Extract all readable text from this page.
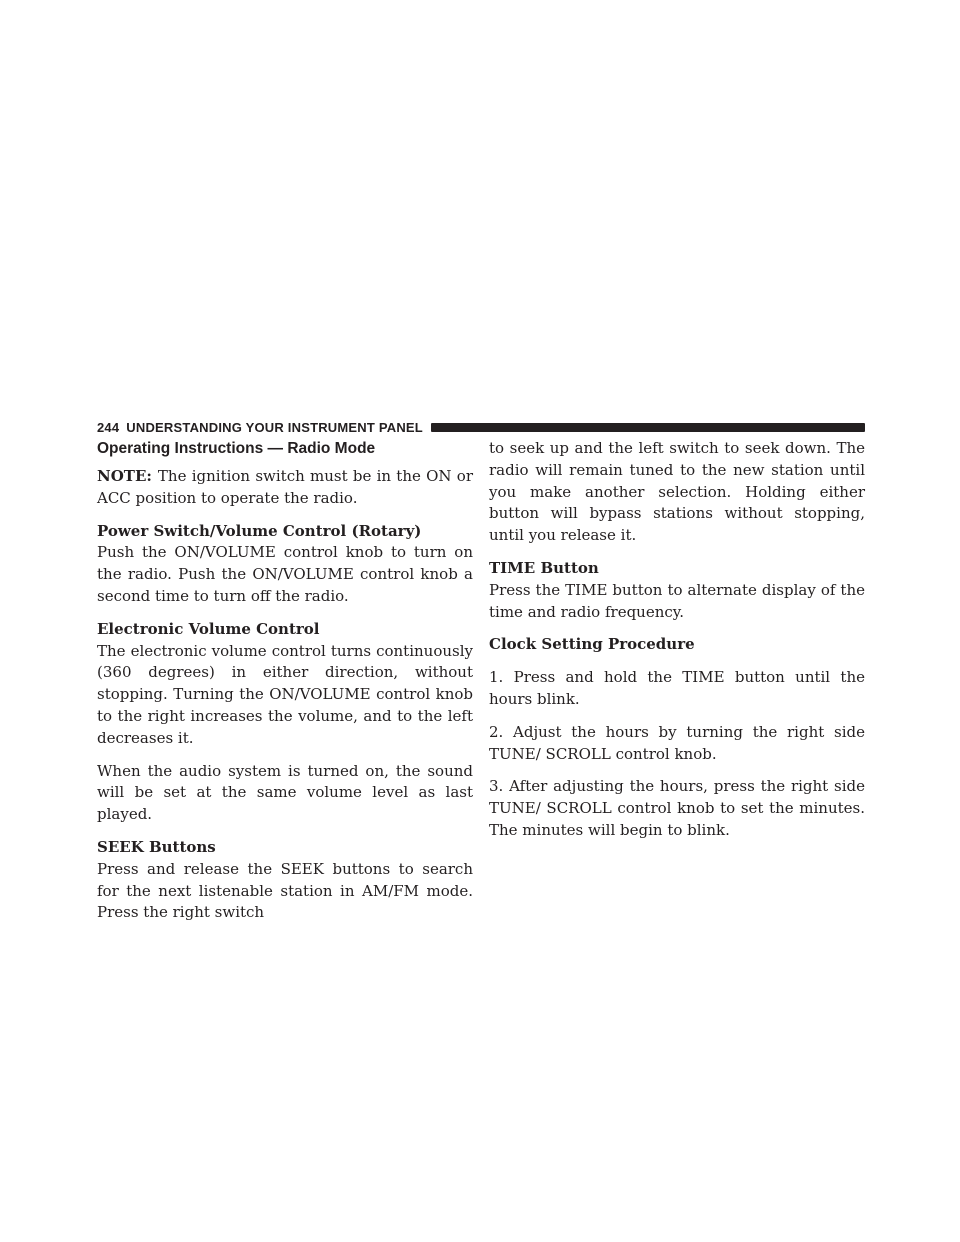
244 UNDERSTANDING YOUR INSTRUMENT PANEL
Operating Instructions — Radio Mode

NOTE: The ignition switch must be in the ON or ACC position to operate the radio.

Power Switch/Volume Control (Rotary)

Push the ON/VOLUME control knob to turn on the radio. Push the ON/VOLUME control knob a second time to turn off the radio.

Electronic Volume Control

The electronic volume control turns continuously (360 degrees) in either direction, without stopping. Turning the ON/VOLUME control knob to the right increases the volume, and to the left decreases it.

When the audio system is turned on, the sound will be set at the same volume level as last played.

SEEK Buttons

Press and release the SEEK buttons to search for the next listenable station in AM/FM mode. Press the right switch

to seek up and the left switch to seek down. The radio will remain tuned to the new station until you make another selection. Holding either button will bypass stations without stopping, until you release it.

TIME Button

Press the TIME button to alternate display of the time and radio frequency.

Clock Setting Procedure

1. Press and hold the TIME button until the hours blink.

2. Adjust the hours by turning the right side TUNE/ SCROLL control knob.

3. After adjusting the hours, press the right side TUNE/ SCROLL control knob to set the minutes. The minutes will begin to blink.
